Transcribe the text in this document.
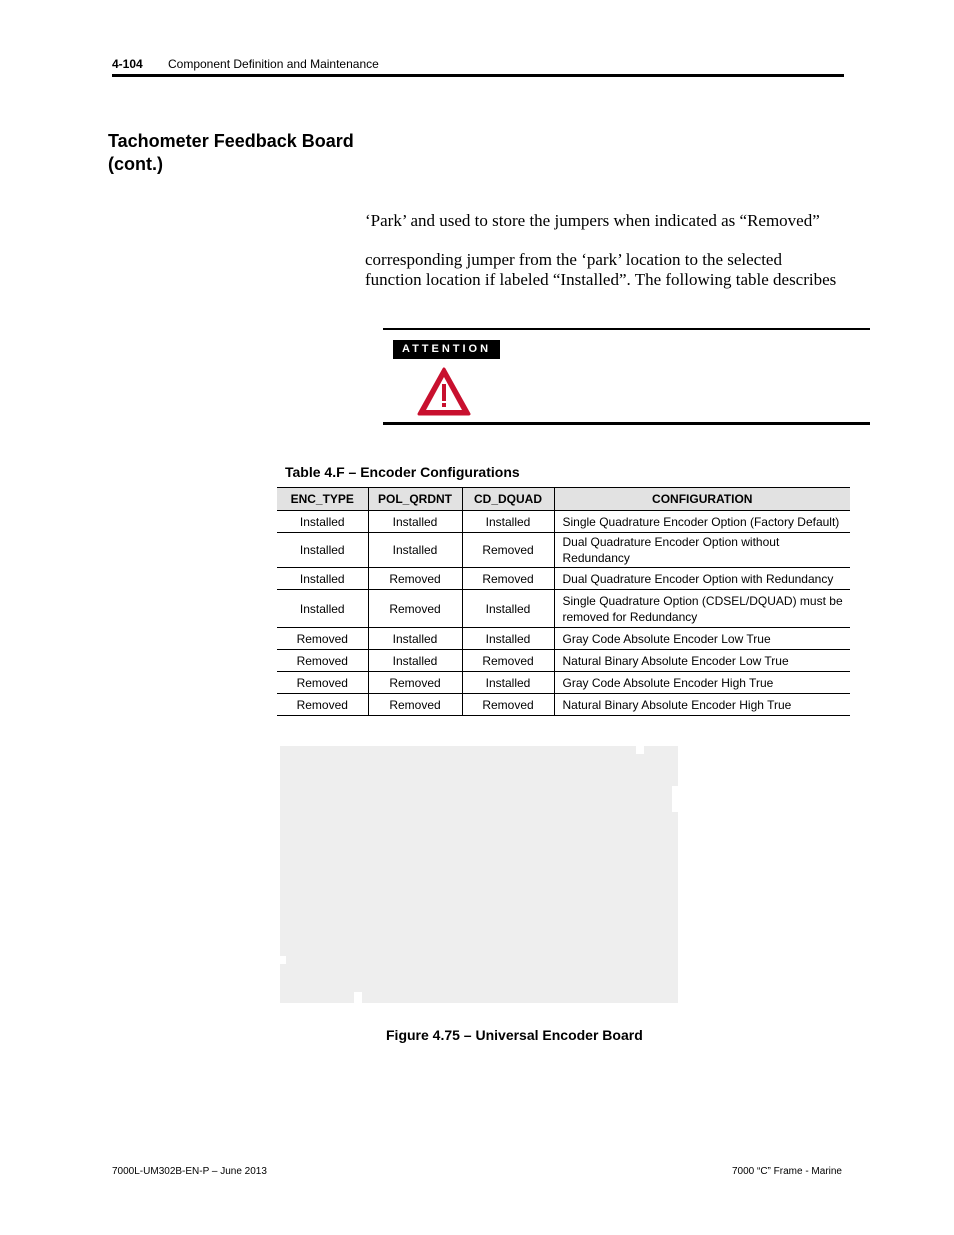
4-104 Component Definition and Maintenance
Tachometer Feedback Board
(cont.)
‘Park’ and used to store the jumpers when indicated as “Removed”
corresponding jumper from the ‘park’ location to the selected
function location if labeled “Installed”. The following table describes
ATTENTION
Table 4.F – Encoder Configurations
ENC_TYPE	POL_QRDNT	CD_DQUAD	CONFIGURATION
Installed	Installed	Installed	Single Quadrature Encoder Option (Factory Default)
Installed	Installed	Removed	Dual Quadrature Encoder Option without Redundancy
Installed	Removed	Removed	Dual Quadrature Encoder Option with Redundancy
Installed	Removed	Installed	Single Quadrature Option (CDSEL/DQUAD) must be removed for Redundancy
Removed	Installed	Installed	Gray Code Absolute Encoder Low True
Removed	Installed	Removed	Natural Binary Absolute Encoder Low True
Removed	Removed	Installed	Gray Code Absolute Encoder High True
Removed	Removed	Removed	Natural Binary Absolute Encoder High True
Figure 4.75 – Universal Encoder Board
7000L-UM302B-EN-P – June 2013	7000 “C” Frame - Marine
